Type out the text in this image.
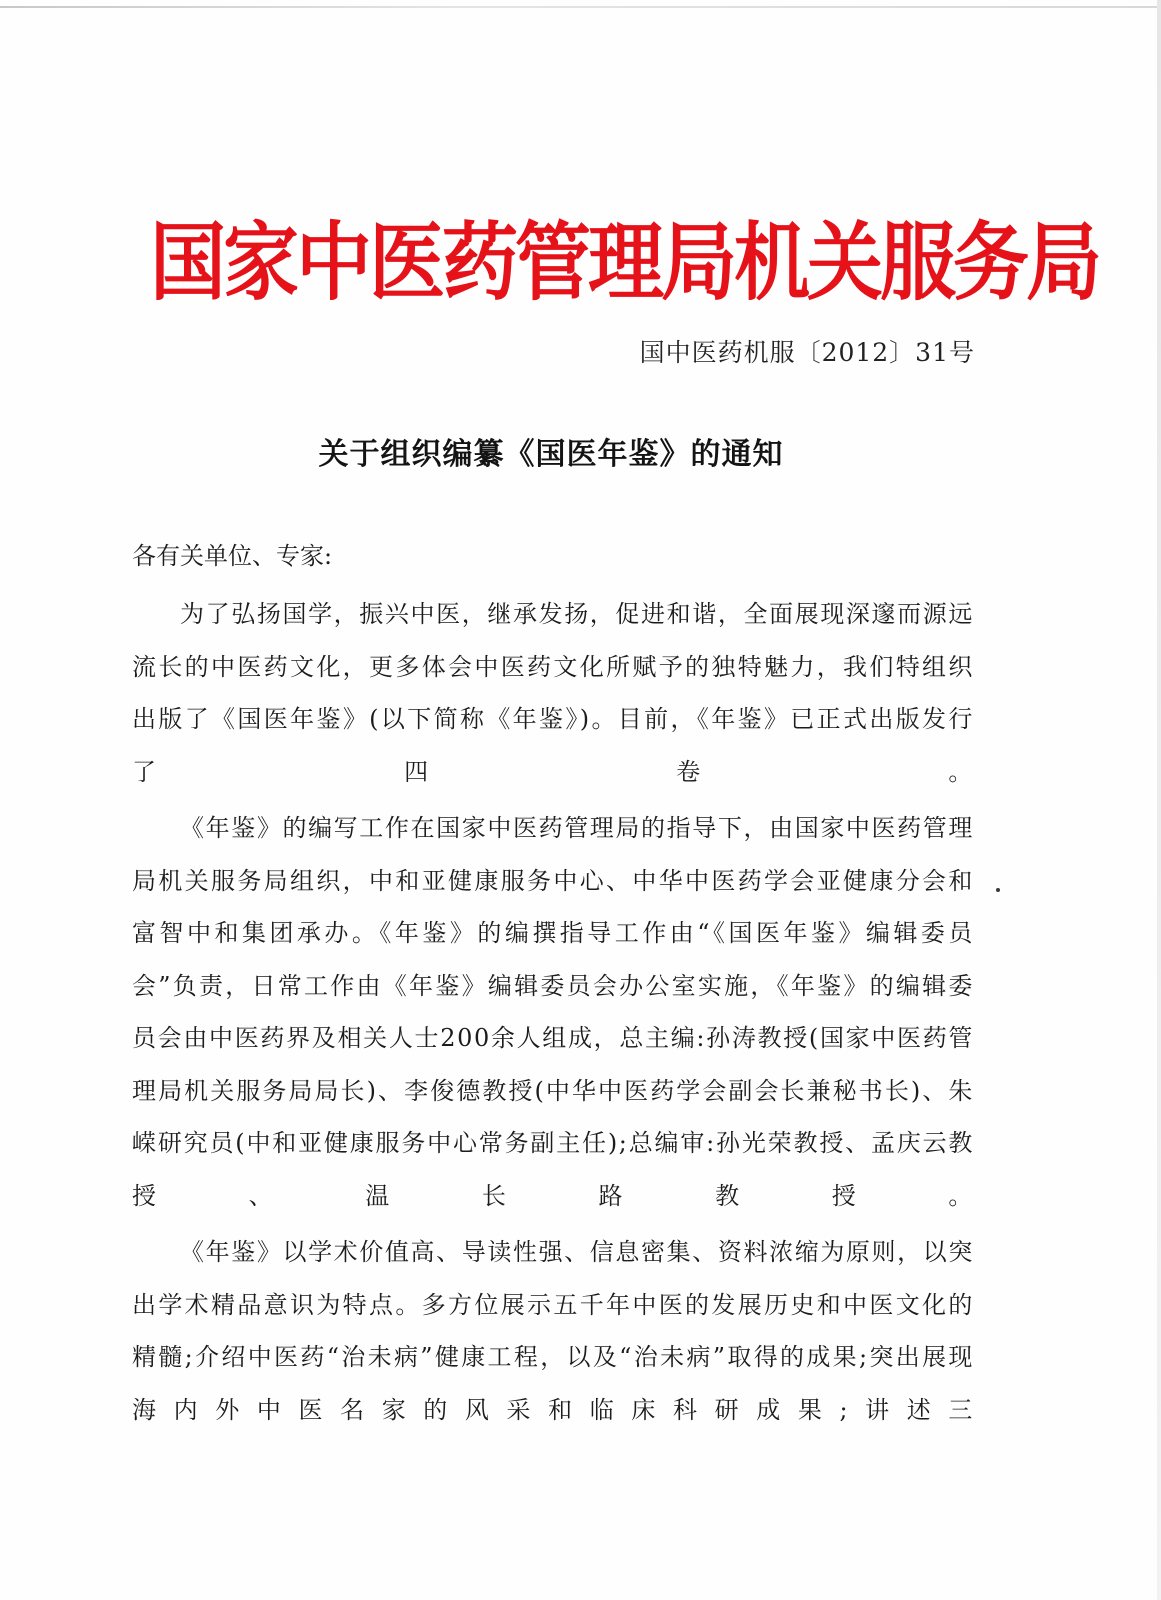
国家中医药管理局机关服务局
国中医药机服〔2012〕31号
关于组织编纂《国医年鉴》的通知
各有关单位、专家:

为了弘扬国学，振兴中医，继承发扬，促进和谐，全面展现深邃而源远流长的中医药文化，更多体会中医药文化所赋予的独特魅力，我们特组织出版了《国医年鉴》(以下简称《年鉴》)。目前，《年鉴》已正式出版发行了四卷。

《年鉴》的编写工作在国家中医药管理局的指导下，由国家中医药管理局机关服务局组织，中和亚健康服务中心、中华中医药学会亚健康分会和富智中和集团承办。《年鉴》的编撰指导工作由“《国医年鉴》编辑委员会”负责，日常工作由《年鉴》编辑委员会办公室实施，《年鉴》的编辑委员会由中医药界及相关人士200余人组成，总主编:孙涛教授(国家中医药管理局机关服务局局长)、李俊德教授(中华中医药学会副会长兼秘书长)、朱嵘研究员(中和亚健康服务中心常务副主任);总编审:孙光荣教授、孟庆云教授、温长路教授。

《年鉴》以学术价值高、导读性强、信息密集、资料浓缩为原则，以突出学术精品意识为特点。多方位展示五千年中医的发展历史和中医文化的精髓;介绍中医药“治未病”健康工程，以及“治未病”取得的成果;突出展现海内外中医名家的风采和临床科研成果;讲述三
